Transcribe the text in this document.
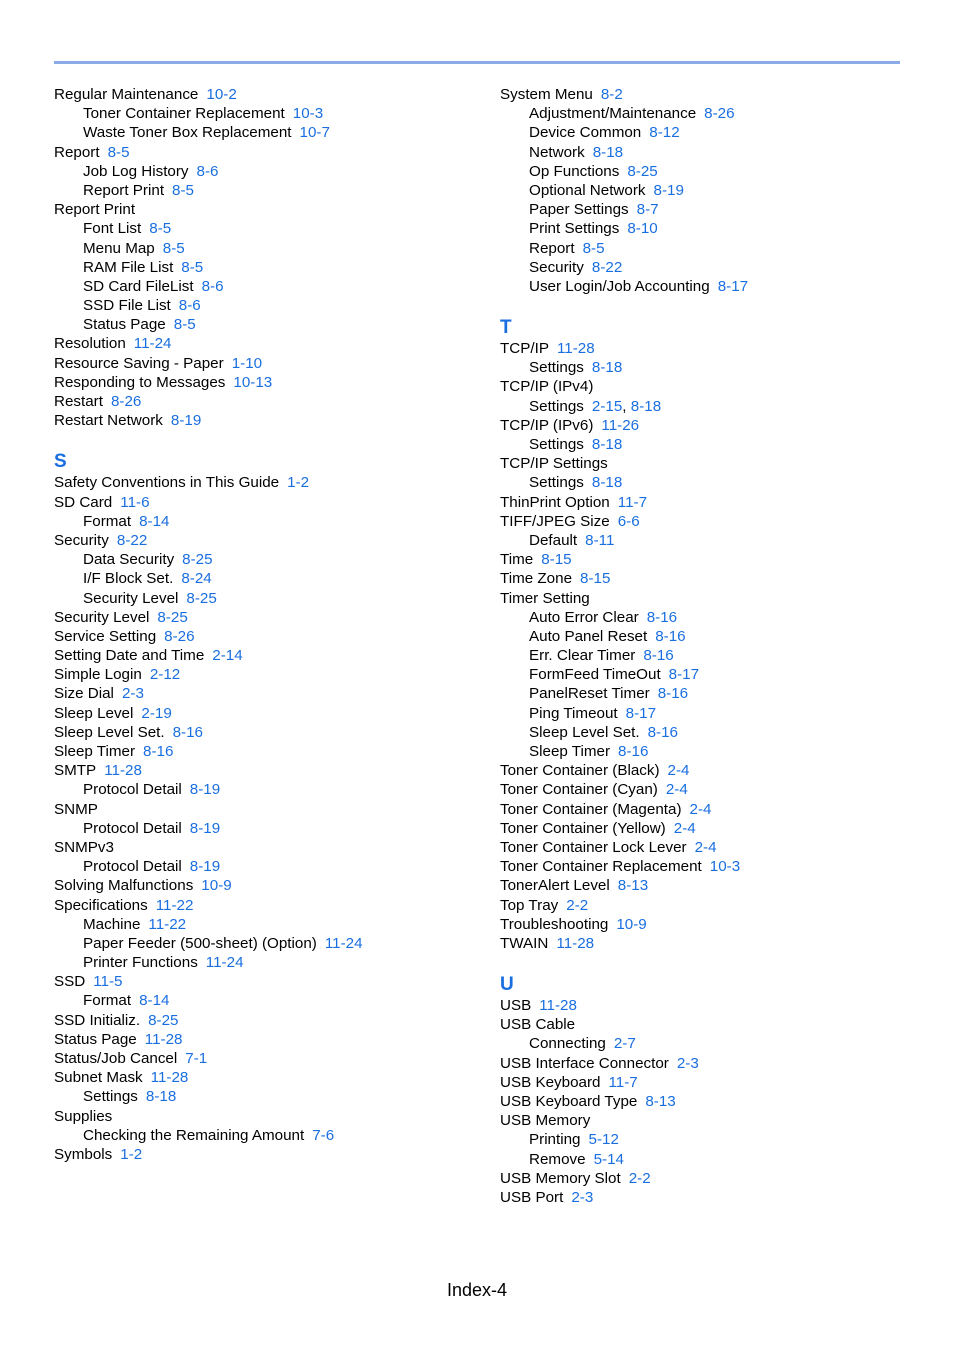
Regular Maintenance 10-2
Toner Container Replacement 10-3
Waste Toner Box Replacement 10-7
Report 8-5
Job Log History 8-6
Report Print 8-5
Report Print
Font List 8-5
Menu Map 8-5
RAM File List 8-5
SD Card FileList 8-6
SSD File List 8-6
Status Page 8-5
Resolution 11-24
Resource Saving - Paper 1-10
Responding to Messages 10-13
Restart 8-26
Restart Network 8-19
S
Safety Conventions in This Guide 1-2
SD Card 11-6
Format 8-14
Security 8-22
Data Security 8-25
I/F Block Set. 8-24
Security Level 8-25
Security Level 8-25
Service Setting 8-26
Setting Date and Time 2-14
Simple Login 2-12
Size Dial 2-3
Sleep Level 2-19
Sleep Level Set. 8-16
Sleep Timer 8-16
SMTP 11-28
Protocol Detail 8-19
SNMP
Protocol Detail 8-19
SNMPv3
Protocol Detail 8-19
Solving Malfunctions 10-9
Specifications 11-22
Machine 11-22
Paper Feeder (500-sheet) (Option) 11-24
Printer Functions 11-24
SSD 11-5
Format 8-14
SSD Initializ. 8-25
Status Page 11-28
Status/Job Cancel 7-1
Subnet Mask 11-28
Settings 8-18
Supplies
Checking the Remaining Amount 7-6
Symbols 1-2
System Menu 8-2
Adjustment/Maintenance 8-26
Device Common 8-12
Network 8-18
Op Functions 8-25
Optional Network 8-19
Paper Settings 8-7
Print Settings 8-10
Report 8-5
Security 8-22
User Login/Job Accounting 8-17
T
TCP/IP 11-28
Settings 8-18
TCP/IP (IPv4)
Settings 2-15, 8-18
TCP/IP (IPv6) 11-26
Settings 8-18
TCP/IP Settings
Settings 8-18
ThinPrint Option 11-7
TIFF/JPEG Size 6-6
Default 8-11
Time 8-15
Time Zone 8-15
Timer Setting
Auto Error Clear 8-16
Auto Panel Reset 8-16
Err. Clear Timer 8-16
FormFeed TimeOut 8-17
PanelReset Timer 8-16
Ping Timeout 8-17
Sleep Level Set. 8-16
Sleep Timer 8-16
Toner Container (Black) 2-4
Toner Container (Cyan) 2-4
Toner Container (Magenta) 2-4
Toner Container (Yellow) 2-4
Toner Container Lock Lever 2-4
Toner Container Replacement 10-3
TonerAlert Level 8-13
Top Tray 2-2
Troubleshooting 10-9
TWAIN 11-28
U
USB 11-28
USB Cable
Connecting 2-7
USB Interface Connector 2-3
USB Keyboard 11-7
USB Keyboard Type 8-13
USB Memory
Printing 5-12
Remove 5-14
USB Memory Slot 2-2
USB Port 2-3
Index-4
